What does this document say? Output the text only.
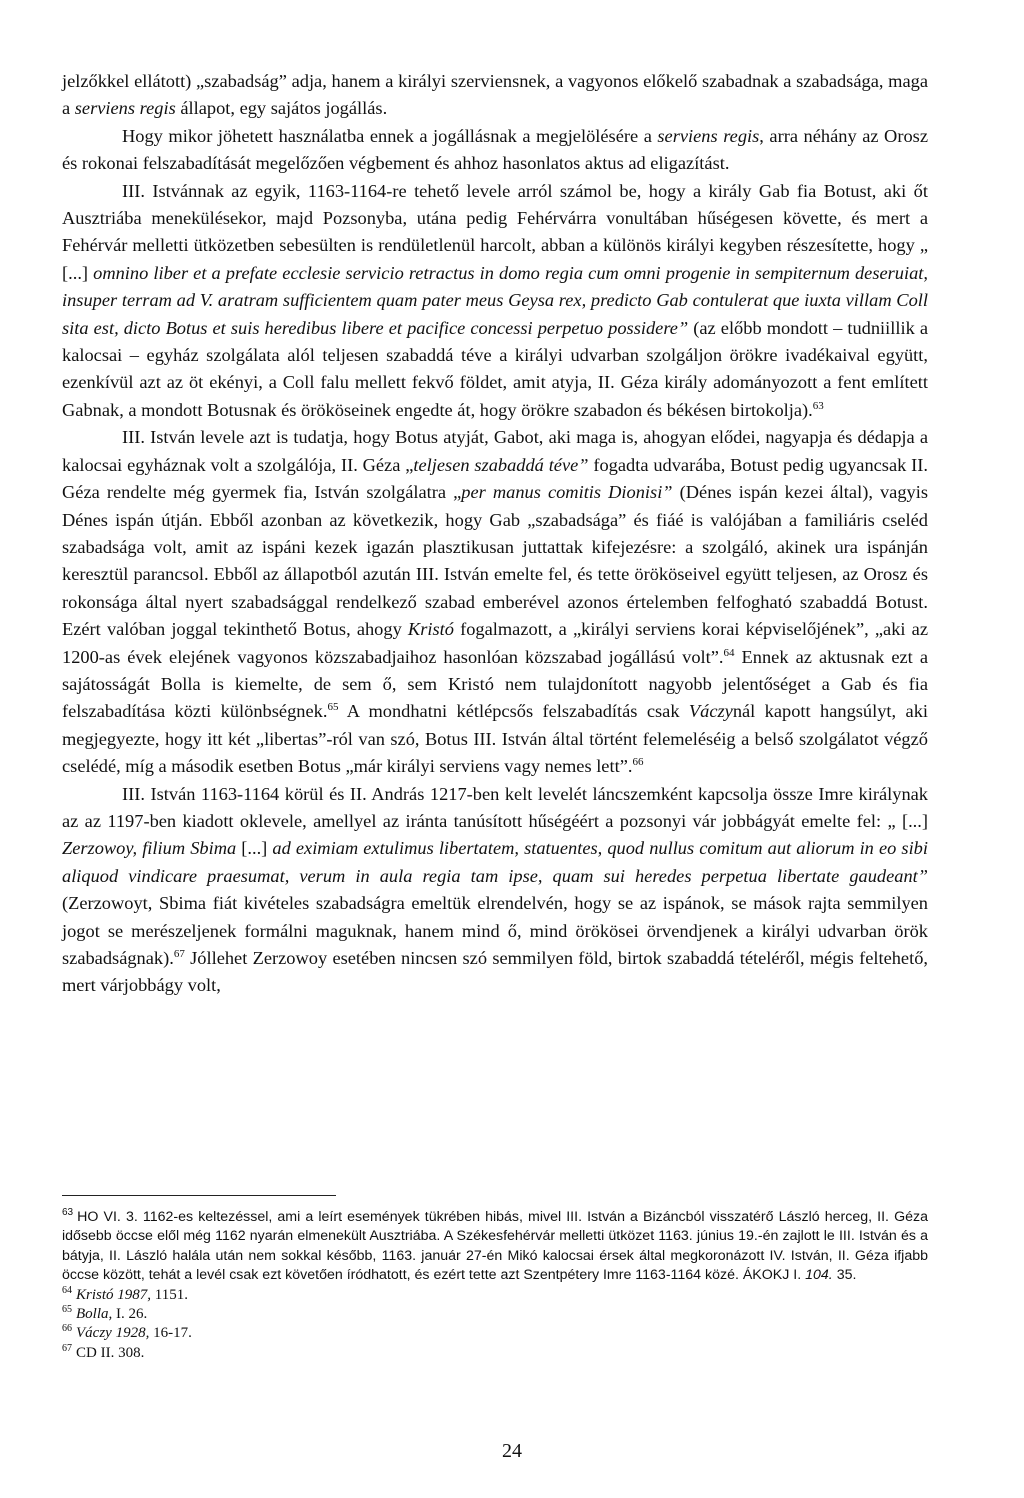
jelzőkkel ellátott) „szabadság” adja, hanem a királyi szerviensnek, a vagyonos előkelő szabadnak a szabadsága, maga a serviens regis állapot, egy sajátos jogállás.

Hogy mikor jöhetett használatba ennek a jogállásnak a megjelölésére a serviens regis, arra néhány az Orosz és rokonai felszabadítását megelőzően végbement és ahhoz hasonlatos aktus ad eligazítást.

III. Istvánnak az egyik, 1163-1164-re tehető levele arról számol be, hogy a király Gab fia Botust, aki őt Ausztriába menekülésekor, majd Pozsonyba, utána pedig Fehérvárra vonultában hűségesen követte, és mert a Fehérvár melletti ütközetben sebesülten is rendületlenül harcolt, abban a különös királyi kegyben részesítette, hogy „ [...] omnino liber et a prefate ecclesie servicio retractus in domo regia cum omni progenie in sempiternum deseruiat, insuper terram ad V. aratram sufficientem quam pater meus Geysa rex, predicto Gab contulerat que iuxta villam Coll sita est, dicto Botus et suis heredibus libere et pacifice concessi perpetuo possidere” (az előbb mondott – tudniillik a kalocsai – egyház szolgálata alól teljesen szabaddá téve a királyi udvarban szolgáljon örökre ivadékaival együtt, ezenkívül azt az öt ekényi, a Coll falu mellett fekvő földet, amit atyja, II. Géza király adományozott a fent említett Gabnak, a mondott Botusnak és örököseinek engedte át, hogy örökre szabadon és békésen birtokolja).$^{63}$

III. István levele azt is tudatja, hogy Botus atyját, Gabot, aki maga is, ahogyan elődei, nagyapja és dédapja a kalocsai egyháznak volt a szolgálója, II. Géza „teljesen szabaddá téve” fogadta udvarába, Botust pedig ugyancsak II. Géza rendelte még gyermek fia, István szolgálatra „per manus comitis Dionisi” (Dénes ispán kezei által), vagyis Dénes ispán útján. Ebből azonban az következik, hogy Gab „szabadsága” és fiáé is valójában a familiáris cseléd szabadsága volt, amit az ispáni kezek igazán plasztikusan juttattak kifejezésre: a szolgáló, akinek ura ispánján keresztül parancsol. Ebből az állapotból azután III. István emelte fel, és tette örököseivel együtt teljesen, az Orosz és rokonsága által nyert szabadsággal rendelkező szabad emberével azonos értelemben felfogható szabaddá Botust. Ezért valóban joggal tekinthető Botus, ahogy Kristó fogalmazott, a „királyi serviens korai képviselőjének”, „aki az 1200-as évek elejének vagyonos közszabadjaihoz hasonlóan közszabad jogállású volt”.$^{64}$ Ennek az aktusnak ezt a sajátosságát Bolla is kiemelte, de sem ő, sem Kristó nem tulajdonított nagyobb jelentőséget a Gab és fia felszabadítása közti különbségnek.$^{65}$ A mondhatni kétlépcsős felszabadítás csak Váczynál kapott hangsúlyt, aki megjegyezte, hogy itt két „libertas”-ról van szó, Botus III. István által történt felemeléséig a belső szolgálatot végző cselédé, míg a második esetben Botus „már királyi serviens vagy nemes lett”.$^{66}$

III. István 1163-1164 körül és II. András 1217-ben kelt levelét láncszemként kapcsolja össze Imre királynak az az 1197-ben kiadott oklevele, amellyel az iránta tanúsított hűségéért a pozsonyi vár jobbágyát emelte fel: „ [...] Zerzowoy, filium Sbima [...] ad eximiam extulimus libertatem, statuentes, quod nullus comitum aut aliorum in eo sibi aliquod vindicare praesumat, verum in aula regia tam ipse, quam sui heredes perpetua libertate gaudeant” (Zerzowoyt, Sbima fiát kivételes szabadságra emeltük elrendelvén, hogy se az ispánok, se mások rajta semmilyen jogot se merészeljenek formálni maguknak, hanem mind ő, mind örökösei örvendjenek a királyi udvarban örök szabadságnak).$^{67}$ Jóllehet Zerzowoy esetében nincsen szó semmilyen föld, birtok szabaddá tételéről, mégis feltehető, mert várjobbágy volt,

$^{63}$ HO VI. 3. 1162-es keltezéssel, ami a leírt események tükrében hibás, mivel III. István a Bizáncból visszatérő László herceg, II. Géza idősebb öccse elől még 1162 nyarán elmenekült Ausztriába. A Székesfehérvár melletti ütközet 1163. június 19.-én zajlott le III. István és a bátyja, II. László halála után nem sokkal később, 1163. január 27-én Mikó kalocsai érsek által megkoronázott IV. István, II. Géza ifjabb öccse között, tehát a levél csak ezt követően íródhatott, és ezért tette azt Szentpétery Imre 1163-1164 közé. ÁKOKJ I. 104. 35.

$^{64}$ Kristó 1987, 1151.

$^{65}$ Bolla, I. 26.

$^{66}$ Váczy 1928, 16-17.

$^{67}$ CD II. 308.

24
